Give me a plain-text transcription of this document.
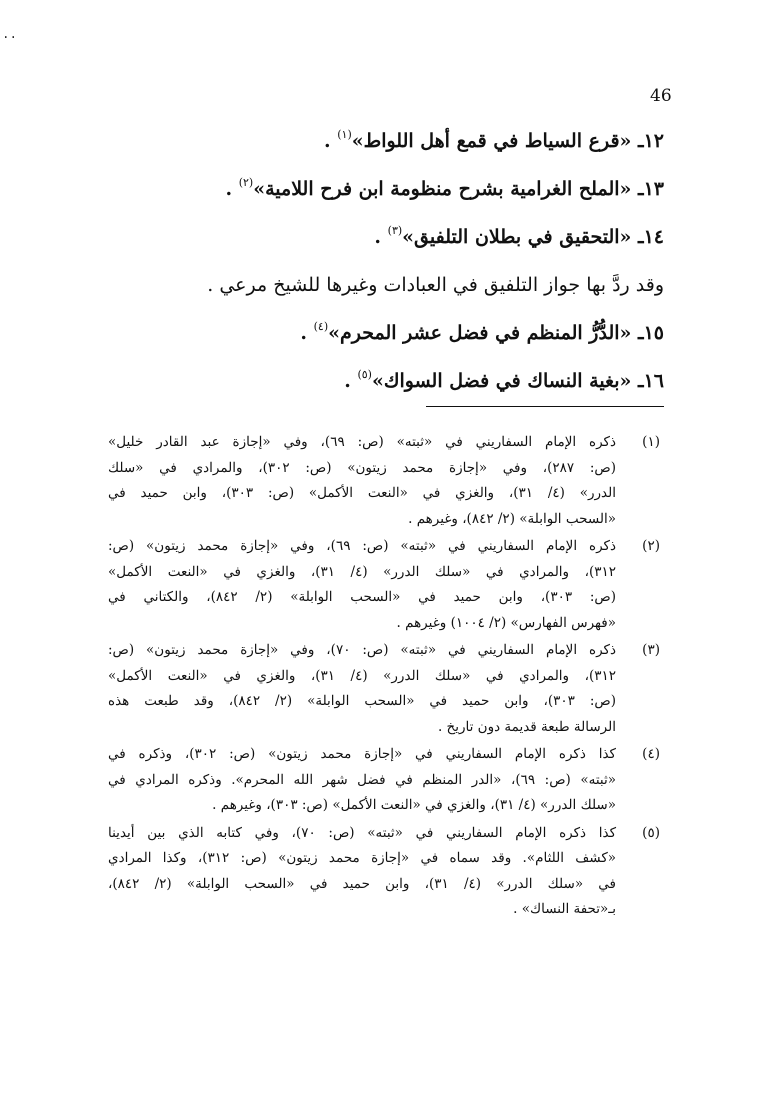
٠٠
46
١٢ـ «قرع السياط في قمع أهل اللواط»$^{(١)}$ .
١٣ـ «الملح الغرامية بشرح منظومة ابن فرح اللامية»$^{(٢)}$ .
١٤ـ «التحقيق في بطلان التلفيق»$^{(٣)}$ .
وقد ردَّ بها جواز التلفيق في العبادات وغيرها للشيخ مرعي .
١٥ـ «الدُّرُّ المنظم في فضل عشر المحرم»$^{(٤)}$ .
١٦ـ «بغية النساك في فضل السواك»$^{(٥)}$ .
(١)
ذكره الإمام السفاريني في «ثبته» (ص: ٦٩)، وفي «إجازة عبد القادر خليل»
(ص: ٢٨٧)، وفي «إجازة محمد زيتون» (ص: ٣٠٢)، والمرادي في «سلك
الدرر» (٤/ ٣١)، والغزي في «النعت الأكمل» (ص: ٣٠٣)، وابن حميد في
«السحب الوابلة» (٢/ ٨٤٢)، وغيرهم .
(٢)
ذكره الإمام السفاريني في «ثبته» (ص: ٦٩)، وفي «إجازة محمد زيتون» (ص:
٣١٢)، والمرادي في «سلك الدرر» (٤/ ٣١)، والغزي في «النعت الأكمل»
(ص: ٣٠٣)، وابن حميد في «السحب الوابلة» (٢/ ٨٤٢)، والكتاني في
«فهرس الفهارس» (٢/ ١٠٠٤) وغيرهم .
(٣)
ذكره الإمام السفاريني في «ثبته» (ص: ٧٠)، وفي «إجازة محمد زيتون» (ص:
٣١٢)، والمرادي في «سلك الدرر» (٤/ ٣١)، والغزي في «النعت الأكمل»
(ص: ٣٠٣)، وابن حميد في «السحب الوابلة» (٢/ ٨٤٢)، وقد طبعت هذه
الرسالة طبعة قديمة دون تاريخ .
(٤)
كذا ذكره الإمام السفاريني في «إجازة محمد زيتون» (ص: ٣٠٢)، وذكره في
«ثبته» (ص: ٦٩)، «الدر المنظم في فضل شهر الله المحرم». وذكره المرادي في
«سلك الدرر» (٤/ ٣١)، والغزي في «النعت الأكمل» (ص: ٣٠٣)، وغيرهم .
(٥)
كذا ذكره الإمام السفاريني في «ثبته» (ص: ٧٠)، وفي كتابه الذي بين أيدينا
«كشف اللثام». وقد سماه في «إجازة محمد زيتون» (ص: ٣١٢)، وكذا المرادي
في «سلك الدرر» (٤/ ٣١)، وابن حميد في «السحب الوابلة» (٢/ ٨٤٢)،
بـ«تحفة النساك» .
